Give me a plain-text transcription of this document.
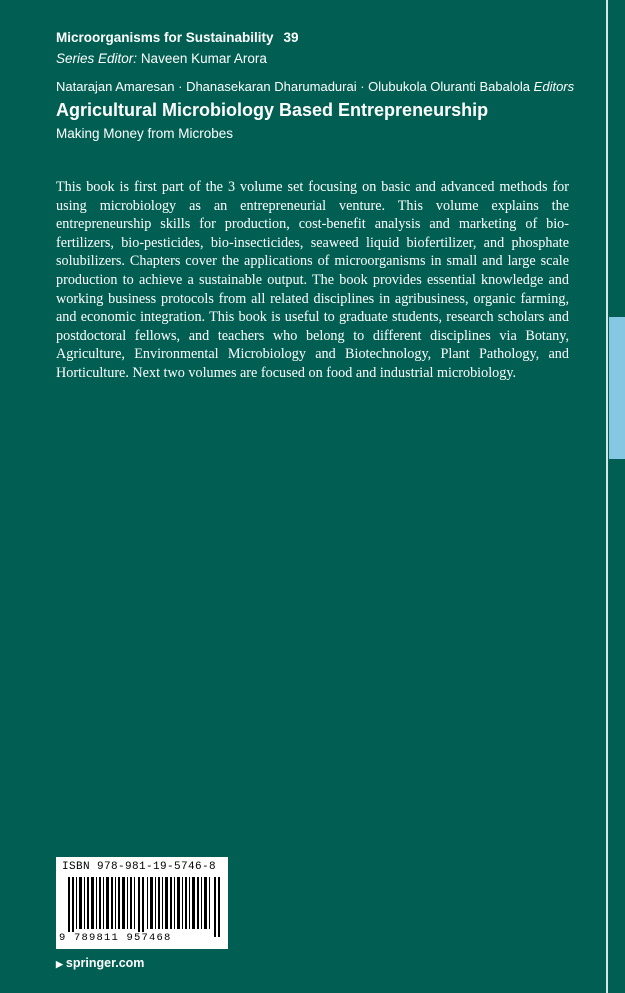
Microorganisms for Sustainability 39
Series Editor: Naveen Kumar Arora
Natarajan Amaresan · Dhanasekaran Dharumadurai · Olubukola Oluranti Babalola Editors
Agricultural Microbiology Based Entrepreneurship
Making Money from Microbes

This book is first part of the 3 volume set focusing on basic and advanced methods for using microbiology as an entrepreneurial venture. This volume explains the entrepreneurship skills for production, cost-benefit analysis and marketing of bio-fertilizers, bio-pesticides, bio-insecticides, seaweed liquid biofertilizer, and phosphate solubilizers. Chapters cover the applications of microorganisms in small and large scale production to achieve a sustainable output. The book provides essential knowledge and working business protocols from all related disciplines in agribusiness, organic farming, and economic integration. This book is useful to graduate students, research scholars and postdoctoral fellows, and teachers who belong to different disciplines via Botany, Agriculture, Environmental Microbiology and Biotechnology, Plant Pathology, and Horticulture. Next two volumes are focused on food and industrial microbiology.

ISBN 978-981-19-5746-8
9 789811 957468
▶ springer.com
